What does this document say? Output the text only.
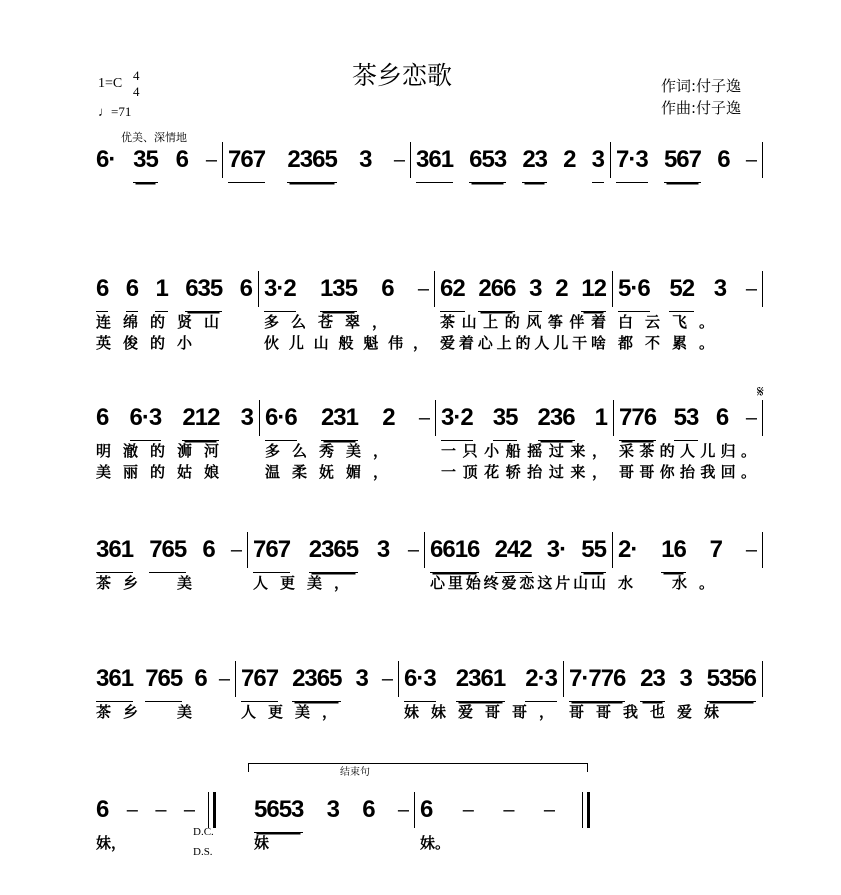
茶乡恋歌
1=C
4
4
♩=71
作词:付子逸
作曲:付子逸
优美、深情地
6· 35 6 – 767 2365 3 – 361 653 23 2 3 7·3 567 6 –
6 6 1 635 6
连绵的贤山
英俊的小
3·2 135 6 –
多么苍翠，
伙儿山般魁伟，
62 266 3 2 12
茶山上的风筝伴着
爱着心上的人儿干啥
5·6 52 3 –
白云飞。
都不累。
6 6·3 212 3
明澈的浉河
美丽的姑娘
6·6 231 2 –
多么秀美，
温柔妩媚，
3·2 35 236 1
一只小船摇过来，
一顶花轿抬过来，
776 53 6 –
采茶的人儿归。
哥哥你抬我回。
𝄋
361 765 6 –
茶乡　美
767 2365 3 –
人更美，
6616 242 3· 55
心里始终爱恋这片山山
2· 16 7 –
水　水。
361 765 6 –
茶乡　美
767 2365 3 –
人更美，
6·3 2361 2·3
妹妹爱哥哥，
7·776 23 3 5356
哥哥我也爱妹
6 – – –
妹，
5653 3 6 –
妹
6 – – –
妹。
D.C.
D.S.
结束句
